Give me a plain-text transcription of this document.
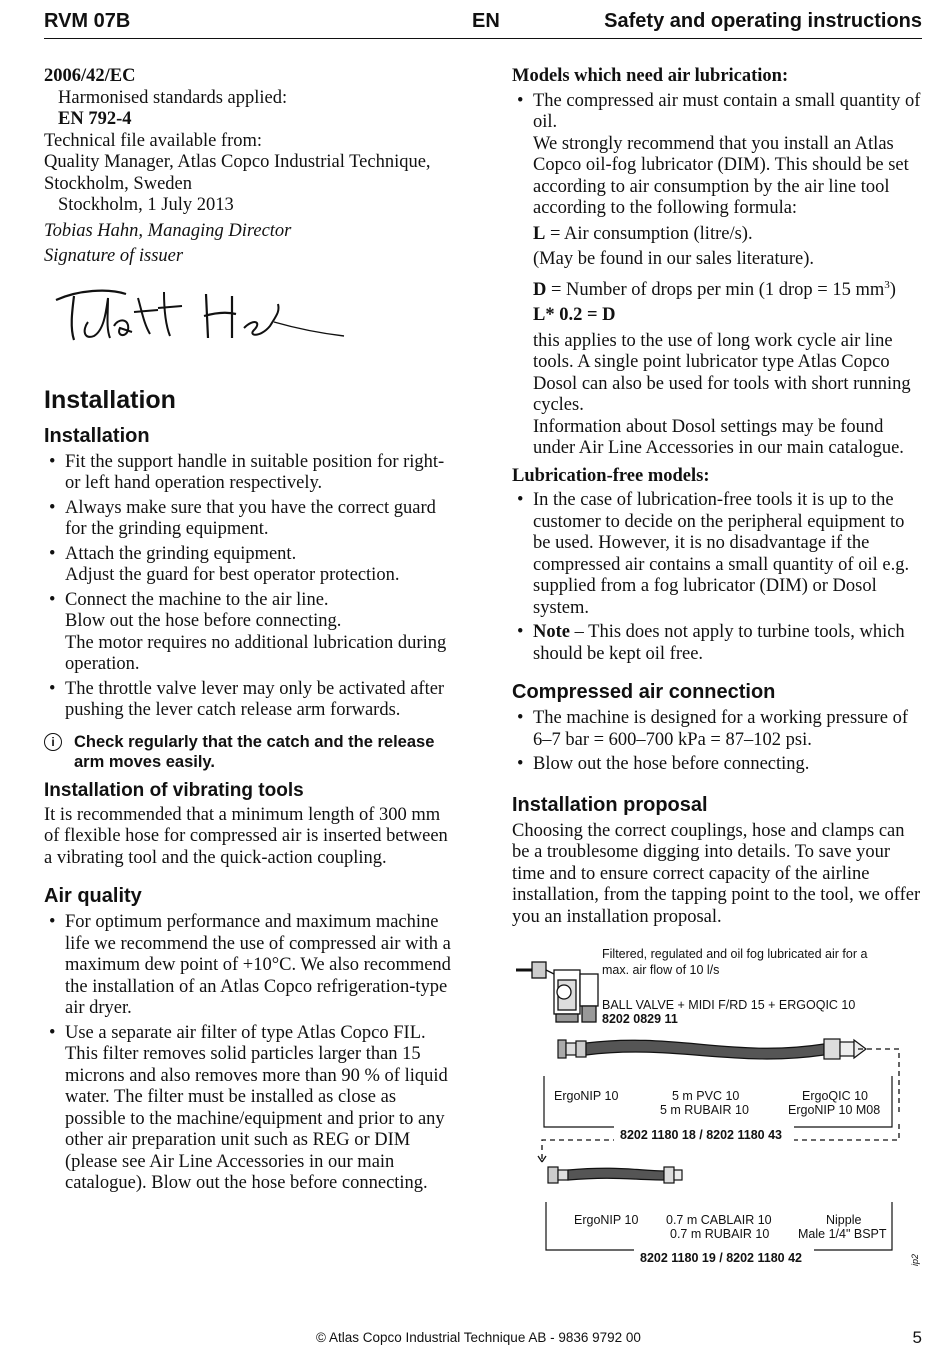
RVM 07B	EN	Safety and operating instructions
2006/42/EC
Harmonised standards applied:
EN 792-4
Technical file available from:
Quality Manager, Atlas Copco Industrial Technique, Stockholm, Sweden
Stockholm, 1 July 2013
Tobias Hahn, Managing Director
Signature of issuer
Installation
Installation
• Fit the support handle in suitable position for right- or left hand operation respectively.
• Always make sure that you have the correct guard for the grinding equipment.
• Attach the grinding equipment.
Adjust the guard for best operator protection.
• Connect the machine to the air line.
Blow out the hose before connecting.
The motor requires no additional lubrication during operation.
• The throttle valve lever may only be activated after pushing the lever catch release arm forwards.
i	Check regularly that the catch and the release arm moves easily.
Installation of vibrating tools
It is recommended that a minimum length of 300 mm of flexible hose for compressed air is inserted between a vibrating tool and the quick-action coupling.
Air quality
• For optimum performance and maximum machine life we recommend the use of compressed air with a maximum dew point of +10°C. We also recommend the installation of an Atlas Copco refrigeration-type air dryer.
• Use a separate air filter of type Atlas Copco FIL. This filter removes solid particles larger than 15 microns and also removes more than 90 % of liquid water. The filter must be installed as close as possible to the machine/equipment and prior to any other air preparation unit such as REG or DIM (please see Air Line Accessories in our main catalogue). Blow out the hose before connecting.
Models which need air lubrication:
• The compressed air must contain a small quantity of oil.
We strongly recommend that you install an Atlas Copco oil-fog lubricator (DIM). This should be set according to air consumption by the air line tool according to the following formula:
L = Air consumption (litre/s).
(May be found in our sales literature).
D = Number of drops per min (1 drop = 15 $mm^3$)
L* 0.2 = D
this applies to the use of long work cycle air line tools. A single point lubricator type Atlas Copco Dosol can also be used for tools with short running cycles.
Information about Dosol settings may be found under Air Line Accessories in our main catalogue.
Lubrication-free models:
• In the case of lubrication-free tools it is up to the customer to decide on the peripheral equipment to be used. However, it is no disadvantage if the compressed air contains a small quantity of oil e.g. supplied from a fog lubricator (DIM) or Dosol system.
• Note – This does not apply to turbine tools, which should be kept oil free.
Compressed air connection
• The machine is designed for a working pressure of 6–7 bar = 600–700 kPa = 87–102 psi.
• Blow out the hose before connecting.
Installation proposal
Choosing the correct couplings, hose and clamps can be a troublesome digging into details. To save your time and to ensure correct capacity of the airline installation, from the tapping point to the tool, we offer you an installation proposal.
Filtered, regulated and oil fog lubricated air for a
max. air flow of 10 l/s
BALL VALVE + MIDI F/RD 15 + ERGOQIC 10
8202 0829 11
ErgoNIP 10	5 m PVC 10
5 m RUBAIR 10
ErgoQIC 10
ErgoNIP 10 M08
8202 1180 18 / 8202 1180 43
ErgoNIP 10 0.7 m CABLAIR 10
0.7 m RUBAIR 10
Nipple
Male 1/4" BSPT
8202 1180 19 / 8202 1180 42	ip2
© Atlas Copco Industrial Technique AB - 9836 9792 00	5
